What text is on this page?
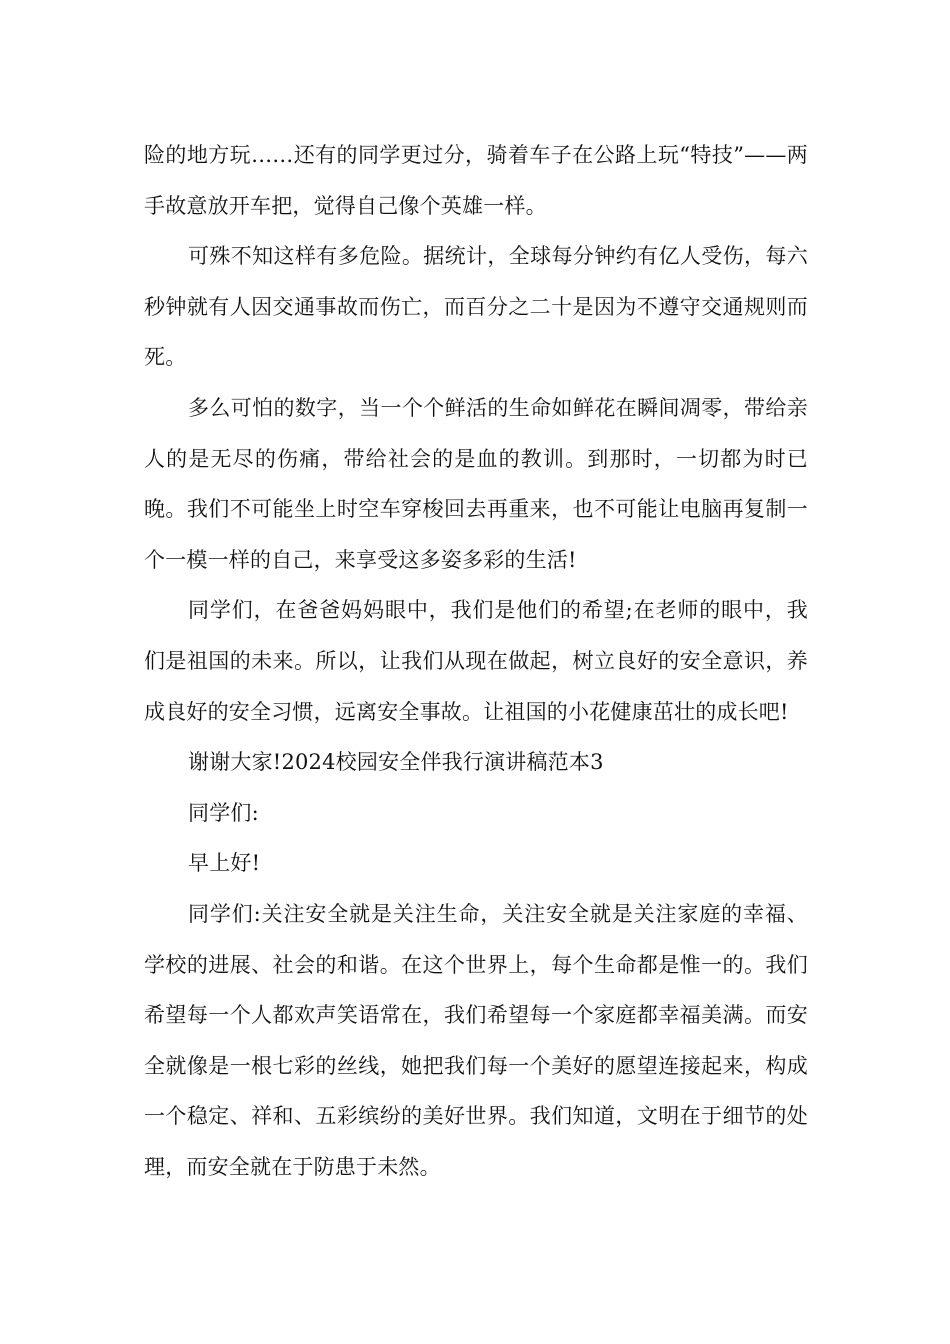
险的地方玩……还有的同学更过分，骑着车子在公路上玩“特技”——两手故意放开车把，觉得自己像个英雄一样。

可殊不知这样有多危险。据统计，全球每分钟约有亿人受伤，每六秒钟就有人因交通事故而伤亡，而百分之二十是因为不遵守交通规则而死。

多么可怕的数字，当一个个鲜活的生命如鲜花在瞬间凋零，带给亲人的是无尽的伤痛，带给社会的是血的教训。到那时，一切都为时已晚。我们不可能坐上时空车穿梭回去再重来，也不可能让电脑再复制一个一模一样的自己，来享受这多姿多彩的生活!

同学们，在爸爸妈妈眼中，我们是他们的希望;在老师的眼中，我们是祖国的未来。所以，让我们从现在做起，树立良好的安全意识，养成良好的安全习惯，远离安全事故。让祖国的小花健康茁壮的成长吧!

谢谢大家!2024校园安全伴我行演讲稿范本3

同学们:

早上好!

同学们:关注安全就是关注生命，关注安全就是关注家庭的幸福、学校的进展、社会的和谐。在这个世界上，每个生命都是惟一的。我们希望每一个人都欢声笑语常在，我们希望每一个家庭都幸福美满。而安全就像是一根七彩的丝线，她把我们每一个美好的愿望连接起来，构成一个稳定、祥和、五彩缤纷的美好世界。我们知道，文明在于细节的处理，而安全就在于防患于未然。
